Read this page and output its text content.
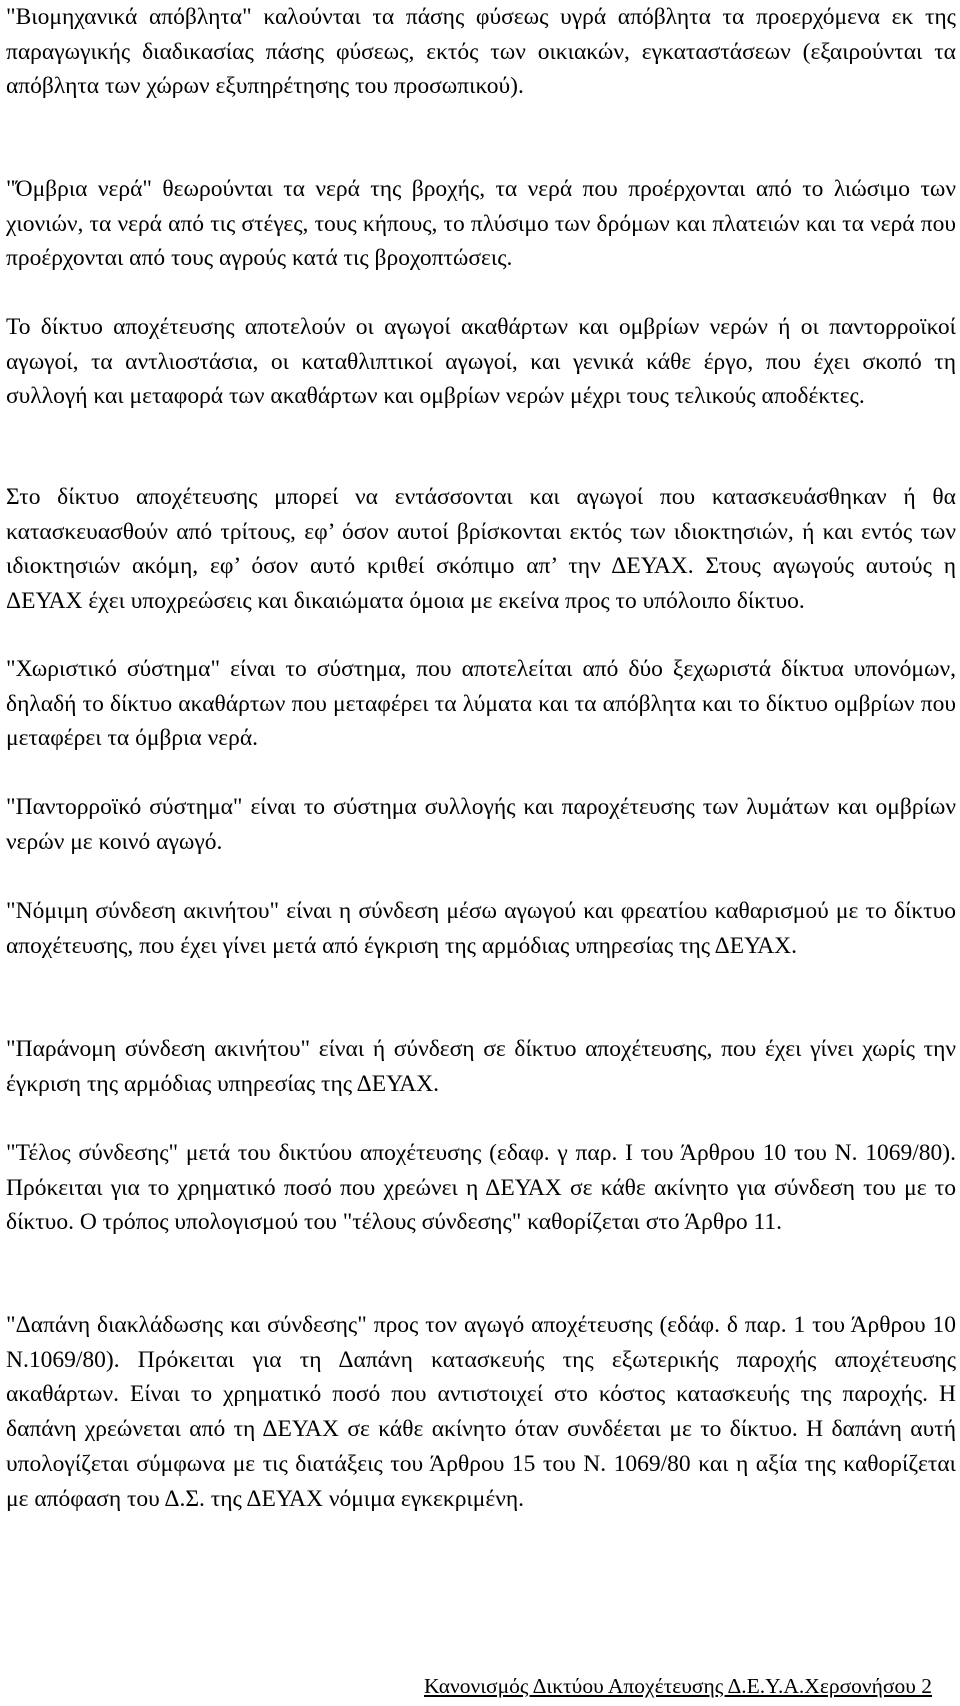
"Βιομηχανικά απόβλητα" καλούνται τα πάσης φύσεως υγρά απόβλητα τα προερχόμενα εκ της παραγωγικής διαδικασίας πάσης φύσεως, εκτός των οικιακών, εγκαταστάσεων (εξαιρούνται τα απόβλητα των χώρων εξυπηρέτησης του προσωπικού).

"Όμβρια νερά" θεωρούνται τα νερά της βροχής, τα νερά που προέρχονται από το λιώσιμο των χιονιών, τα νερά από τις στέγες, τους κήπους, το πλύσιμο των δρόμων και πλατειών και τα νερά που προέρχονται από τους αγρούς κατά τις βροχοπτώσεις.

Το δίκτυο αποχέτευσης αποτελούν οι αγωγοί ακαθάρτων και ομβρίων νερών ή οι παντορροϊκοί αγωγοί, τα αντλιοστάσια, οι καταθλιπτικοί αγωγοί, και γενικά κάθε έργο, που έχει σκοπό τη συλλογή και μεταφορά των ακαθάρτων και ομβρίων νερών μέχρι τους τελικούς αποδέκτες.

Στο δίκτυο αποχέτευσης μπορεί να εντάσσονται και αγωγοί που κατασκευάσθηκαν ή θα κατασκευασθούν από τρίτους, εφ’ όσον αυτοί βρίσκονται εκτός των ιδιοκτησιών, ή και εντός των ιδιοκτησιών ακόμη, εφ’ όσον αυτό κριθεί σκόπιμο απ’ την ΔΕΥΑΧ. Στους αγωγούς αυτούς η ΔΕΥΑΧ έχει υποχρεώσεις και δικαιώματα όμοια με εκείνα προς το υπόλοιπο δίκτυο.

"Χωριστικό σύστημα" είναι το σύστημα, που αποτελείται από δύο ξεχωριστά δίκτυα υπονόμων, δηλαδή το δίκτυο ακαθάρτων που μεταφέρει τα λύματα και τα απόβλητα και το δίκτυο ομβρίων που μεταφέρει τα όμβρια νερά.

"Παντορροϊκό σύστημα" είναι το σύστημα συλλογής και παροχέτευσης των λυμάτων και ομβρίων νερών με κοινό αγωγό.

"Νόμιμη σύνδεση ακινήτου" είναι η σύνδεση μέσω αγωγού και φρεατίου καθαρισμού με το δίκτυο αποχέτευσης, που έχει γίνει μετά από έγκριση της αρμόδιας υπηρεσίας της ΔΕΥΑΧ.

"Παράνομη σύνδεση ακινήτου" είναι ή σύνδεση σε δίκτυο αποχέτευσης, που έχει γίνει χωρίς την έγκριση της αρμόδιας υπηρεσίας της ΔΕΥΑΧ.

"Τέλος σύνδεσης" μετά του δικτύου αποχέτευσης (εδαφ. γ παρ. Ι του Άρθρου 10 του Ν. 1069/80). Πρόκειται για το χρηματικό ποσό που χρεώνει η ΔΕΥΑΧ σε κάθε ακίνητο για σύνδεση του με το δίκτυο. Ο τρόπος υπολογισμού του "τέλους σύνδεσης" καθορίζεται στο Άρθρο 11.

"Δαπάνη διακλάδωσης και σύνδεσης" προς τον αγωγό αποχέτευσης (εδάφ. δ παρ. 1 του Άρθρου 10 Ν.1069/80). Πρόκειται για τη Δαπάνη κατασκευής της εξωτερικής παροχής αποχέτευσης ακαθάρτων. Είναι το χρηματικό ποσό που αντιστοιχεί στο κόστος κατασκευής της παροχής. Η δαπάνη χρεώνεται από τη ΔΕΥΑΧ σε κάθε ακίνητο όταν συνδέεται με το δίκτυο. Η δαπάνη αυτή υπολογίζεται σύμφωνα με τις διατάξεις του Άρθρου 15 του Ν. 1069/80 και η αξία της καθορίζεται με απόφαση του Δ.Σ. της ΔΕΥΑΧ νόμιμα εγκεκριμένη.

Κανονισμός Δικτύου Αποχέτευσης Δ.Ε.Υ.Α.Χερσονήσου 2
